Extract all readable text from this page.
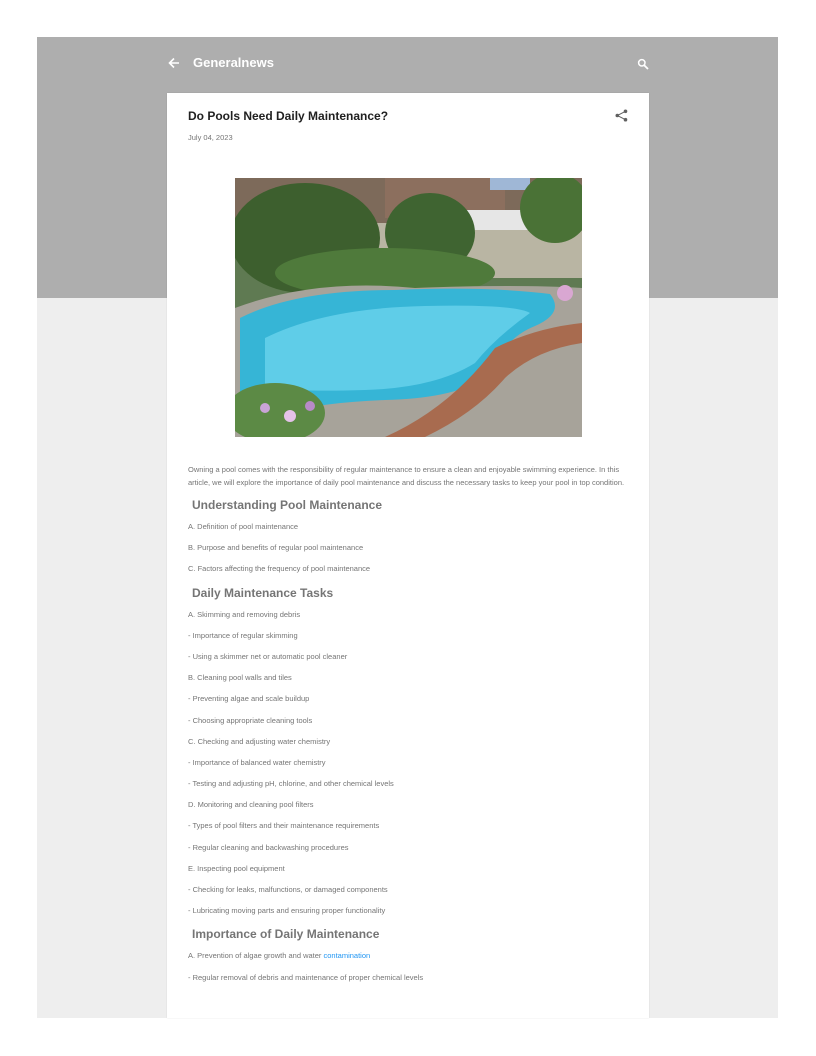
Generalnews
Do Pools Need Daily Maintenance?
July 04, 2023

Owning a pool comes with the responsibility of regular maintenance to ensure a clean and enjoyable swimming experience. In this article, we will explore the importance of daily pool maintenance and discuss the necessary tasks to keep your pool in top condition.

Understanding Pool Maintenance
A. Definition of pool maintenance
B. Purpose and benefits of regular pool maintenance
C. Factors affecting the frequency of pool maintenance
Daily Maintenance Tasks
A. Skimming and removing debris
- Importance of regular skimming
- Using a skimmer net or automatic pool cleaner
B. Cleaning pool walls and tiles
- Preventing algae and scale buildup
- Choosing appropriate cleaning tools
C. Checking and adjusting water chemistry
- Importance of balanced water chemistry
- Testing and adjusting pH, chlorine, and other chemical levels
D. Monitoring and cleaning pool filters
- Types of pool filters and their maintenance requirements
- Regular cleaning and backwashing procedures
E. Inspecting pool equipment
- Checking for leaks, malfunctions, or damaged components
- Lubricating moving parts and ensuring proper functionality
Importance of Daily Maintenance
A. Prevention of algae growth and water contamination
- Regular removal of debris and maintenance of proper chemical levels
